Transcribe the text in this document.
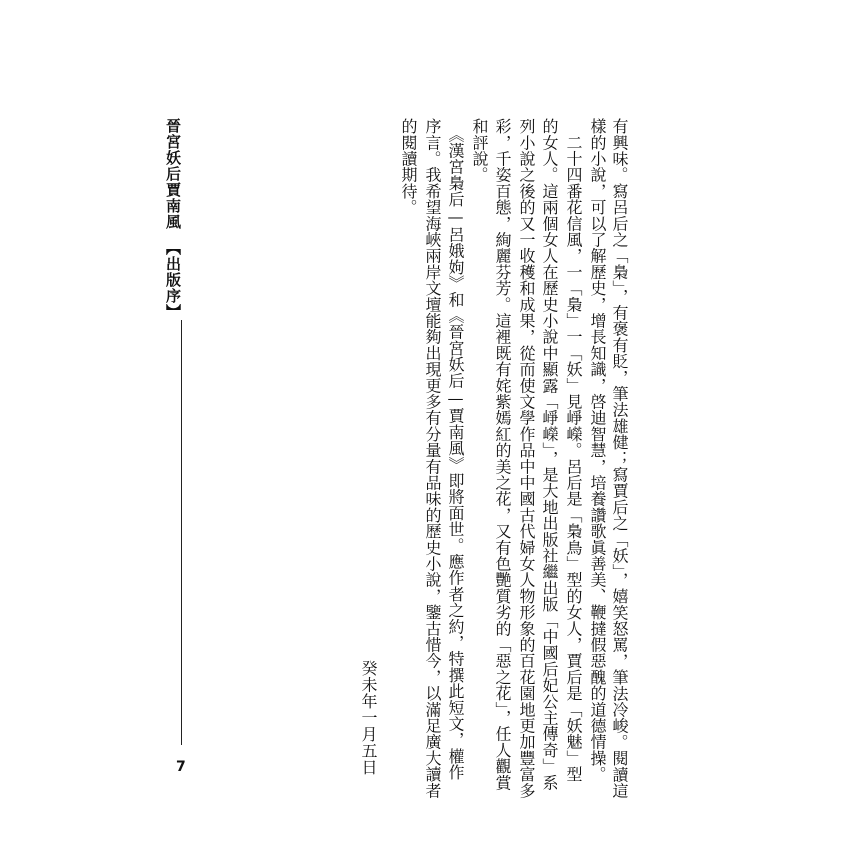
晉宮妖后賈南風【出版序】
7	有興味。寫呂后之「梟」，有褒有貶，筆法雄健；寫賈后之「妖」，嬉笑怒罵，筆法冷峻。閱讀這

樣的小說，可以了解歷史，增長知識，啓迪智慧，培養讚歌眞善美、鞭撻假惡醜的道德情操。

　二十四番花信風，一「梟」一「妖」見崢嶸。呂后是「梟鳥」型的女人，賈后是「妖魅」型

的女人。這兩個女人在歷史小說中顯露「崢嶸」，是大地出版社繼出版「中國后妃公主傳奇」系

列小說之後的又一收穫和成果，從而使文學作品中中國古代婦女人物形象的百花園地更加豐富多

彩，千姿百態，絢麗芬芳。這裡既有姹紫嫣紅的美之花，又有色艷質劣的「惡之花」，任人觀賞

和評說。

　《漢宮梟后—呂娥姁》和《晉宮妖后—賈南風》即將面世。應作者之約，特撰此短文，權作

序言。我希望海峽兩岸文壇能夠出現更多有分量有品味的歷史小說，鑒古惜今，以滿足廣大讀者

的閱讀期待。

癸未年一月五日
